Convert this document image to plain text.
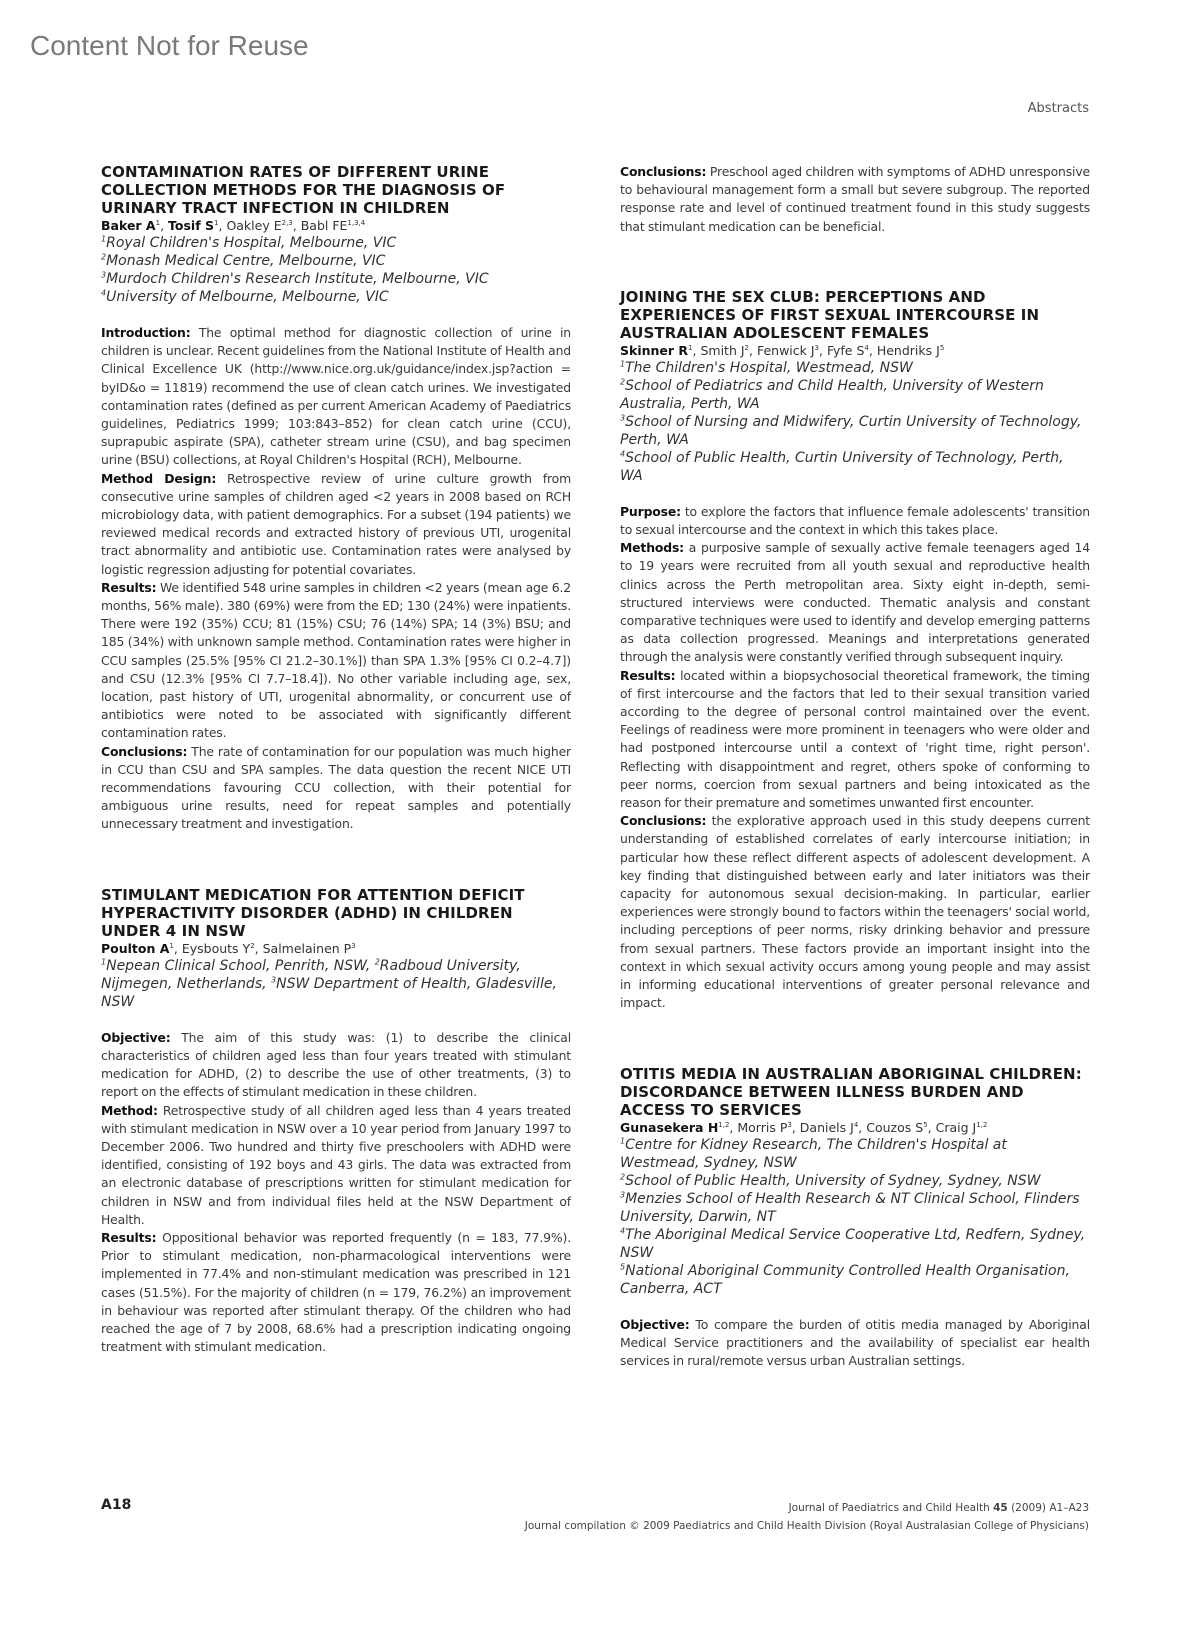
Content Not for Reuse
Abstracts
CONTAMINATION RATES OF DIFFERENT URINE COLLECTION METHODS FOR THE DIAGNOSIS OF URINARY TRACT INFECTION IN CHILDREN

Baker $A^1$, Tosif $S^1$, Oakley E$^{2,3}$, Babl FE$^{1,3,4}$

$^1$Royal Children's Hospital, Melbourne, VIC

$^2$Monash Medical Centre, Melbourne, VIC

$^3$Murdoch Children's Research Institute, Melbourne, VIC

$^4$University of Melbourne, Melbourne, VIC

Introduction: The optimal method for diagnostic collection of urine in children is unclear. Recent guidelines from the National Institute of Health and Clinical Excellence UK (http://www.nice.org.uk/guidance/index.jsp?action = byID&o = 11819) recommend the use of clean catch urines. We investigated contamination rates (defined as per current American Academy of Paediatrics guidelines, Pediatrics 1999; 103:843–852) for clean catch urine (CCU), suprapubic aspirate (SPA), catheter stream urine (CSU), and bag specimen urine (BSU) collections, at Royal Children's Hospital (RCH), Melbourne.

Method Design: Retrospective review of urine culture growth from consecutive urine samples of children aged <2 years in 2008 based on RCH microbiology data, with patient demographics. For a subset (194 patients) we reviewed medical records and extracted history of previous UTI, urogenital tract abnormality and antibiotic use. Contamination rates were analysed by logistic regression adjusting for potential covariates.

Results: We identified 548 urine samples in children <2 years (mean age 6.2 months, 56% male). 380 (69%) were from the ED; 130 (24%) were inpatients. There were 192 (35%) CCU; 81 (15%) CSU; 76 (14%) SPA; 14 (3%) BSU; and 185 (34%) with unknown sample method. Contamination rates were higher in CCU samples (25.5% [95% CI 21.2–30.1%]) than SPA 1.3% [95% CI 0.2–4.7]) and CSU (12.3% [95% CI 7.7–18.4]). No other variable including age, sex, location, past history of UTI, urogenital abnormality, or concurrent use of antibiotics were noted to be associated with significantly different contamination rates.

Conclusions: The rate of contamination for our population was much higher in CCU than CSU and SPA samples. The data question the recent NICE UTI recommendations favouring CCU collection, with their potential for ambiguous urine results, need for repeat samples and potentially unnecessary treatment and investigation.

STIMULANT MEDICATION FOR ATTENTION DEFICIT HYPERACTIVITY DISORDER (ADHD) IN CHILDREN UNDER 4 IN NSW

Poulton $A^1$, Eysbouts $Y^2$, Salmelainen $P^3$

$^1$Nepean Clinical School, Penrith, NSW, $^2$Radboud University, Nijmegen, Netherlands, $^3$NSW Department of Health, Gladesville, NSW

Objective: The aim of this study was: (1) to describe the clinical characteristics of children aged less than four years treated with stimulant medication for ADHD, (2) to describe the use of other treatments, (3) to report on the effects of stimulant medication in these children.

Method: Retrospective study of all children aged less than 4 years treated with stimulant medication in NSW over a 10 year period from January 1997 to December 2006. Two hundred and thirty five preschoolers with ADHD were identified, consisting of 192 boys and 43 girls. The data was extracted from an electronic database of prescriptions written for stimulant medication for children in NSW and from individual files held at the NSW Department of Health.

Results: Oppositional behavior was reported frequently (n = 183, 77.9%). Prior to stimulant medication, non-pharmacological interventions were implemented in 77.4% and non-stimulant medication was prescribed in 121 cases (51.5%). For the majority of children (n = 179, 76.2%) an improvement in behaviour was reported after stimulant therapy. Of the children who had reached the age of 7 by 2008, 68.6% had a prescription indicating ongoing treatment with stimulant medication.

Conclusions: Preschool aged children with symptoms of ADHD unresponsive to behavioural management form a small but severe subgroup. The reported response rate and level of continued treatment found in this study suggests that stimulant medication can be beneficial.

JOINING THE SEX CLUB: PERCEPTIONS AND EXPERIENCES OF FIRST SEXUAL INTERCOURSE IN AUSTRALIAN ADOLESCENT FEMALES

Skinner $R^1$, Smith $J^2$, Fenwick $J^3$, Fyfe $S^4$, Hendriks $J^5$

$^1$The Children's Hospital, Westmead, NSW

$^2$School of Pediatrics and Child Health, University of Western Australia, Perth, WA

$^3$School of Nursing and Midwifery, Curtin University of Technology, Perth, WA

$^4$School of Public Health, Curtin University of Technology, Perth, WA

Purpose: to explore the factors that influence female adolescents' transition to sexual intercourse and the context in which this takes place.

Methods: a purposive sample of sexually active female teenagers aged 14 to 19 years were recruited from all youth sexual and reproductive health clinics across the Perth metropolitan area. Sixty eight in-depth, semi-structured interviews were conducted. Thematic analysis and constant comparative techniques were used to identify and develop emerging patterns as data collection progressed. Meanings and interpretations generated through the analysis were constantly verified through subsequent inquiry.

Results: located within a biopsychosocial theoretical framework, the timing of first intercourse and the factors that led to their sexual transition varied according to the degree of personal control maintained over the event. Feelings of readiness were more prominent in teenagers who were older and had postponed intercourse until a context of 'right time, right person'. Reflecting with disappointment and regret, others spoke of conforming to peer norms, coercion from sexual partners and being intoxicated as the reason for their premature and sometimes unwanted first encounter.

Conclusions: the explorative approach used in this study deepens current understanding of established correlates of early intercourse initiation; in particular how these reflect different aspects of adolescent development. A key finding that distinguished between early and later initiators was their capacity for autonomous sexual decision-making. In particular, earlier experiences were strongly bound to factors within the teenagers' social world, including perceptions of peer norms, risky drinking behavior and pressure from sexual partners. These factors provide an important insight into the context in which sexual activity occurs among young people and may assist in informing educational interventions of greater personal relevance and impact.

OTITIS MEDIA IN AUSTRALIAN ABORIGINAL CHILDREN: DISCORDANCE BETWEEN ILLNESS BURDEN AND ACCESS TO SERVICES

Gunasekera H$^{1,2}$, Morris $P^3$, Daniels $J^4$, Couzos $S^5$, Craig J$^{1,2}$

$^1$Centre for Kidney Research, The Children's Hospital at Westmead, Sydney, NSW

$^2$School of Public Health, University of Sydney, Sydney, NSW

$^3$Menzies School of Health Research & NT Clinical School, Flinders University, Darwin, NT

$^4$The Aboriginal Medical Service Cooperative Ltd, Redfern, Sydney, NSW

$^5$National Aboriginal Community Controlled Health Organisation, Canberra, ACT

Objective: To compare the burden of otitis media managed by Aboriginal Medical Service practitioners and the availability of specialist ear health services in rural/remote versus urban Australian settings.

A18	Journal of Paediatrics and Child Health 45 (2009) A1–A23
Journal compilation © 2009 Paediatrics and Child Health Division (Royal Australasian College of Physicians)
